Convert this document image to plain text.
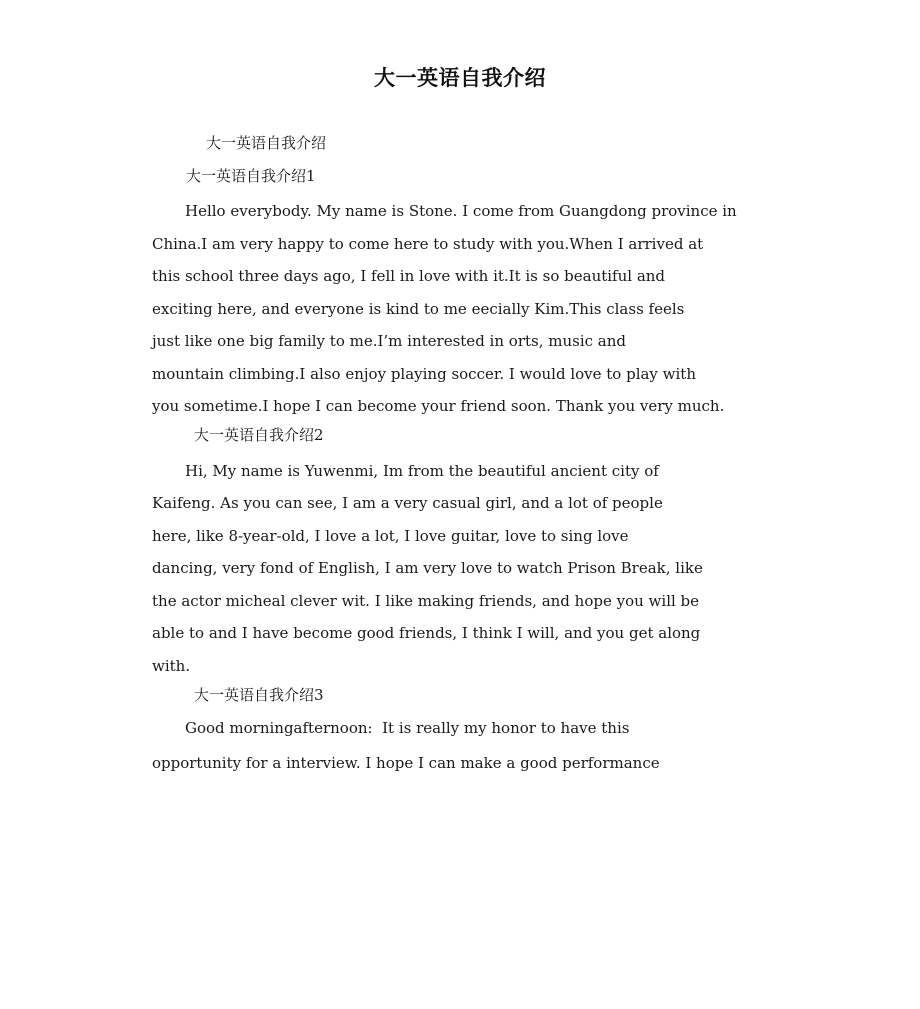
大一英语自我介绍
大一英语自我介绍
大一英语自我介绍1
Hello everybody. My name is Stone. I come from Guangdong province in
China.I am very happy to come here to study with you.When I arrived at
this school three days ago, I fell in love with it.It is so beautiful and
exciting here, and everyone is kind to me eecially Kim.This class feels
just like one big family to me.I’m interested in orts, music and
mountain climbing.I also enjoy playing soccer. I would love to play with
you sometime.I hope I can become your friend soon. Thank you very much.
大一英语自我介绍2
Hi, My name is Yuwenmi, Im from the beautiful ancient city of
Kaifeng. As you can see, I am a very casual girl, and a lot of people
here, like 8-year-old, I love a lot, I love guitar, love to sing love
dancing, very fond of English, I am very love to watch Prison Break, like
the actor micheal clever wit. I like making friends, and hope you will be
able to and I have become good friends, I think I will, and you get along
with.
大一英语自我介绍3
Good morningafternoon:  It is really my honor to have this
opportunity for a interview. I hope I can make a good performance
